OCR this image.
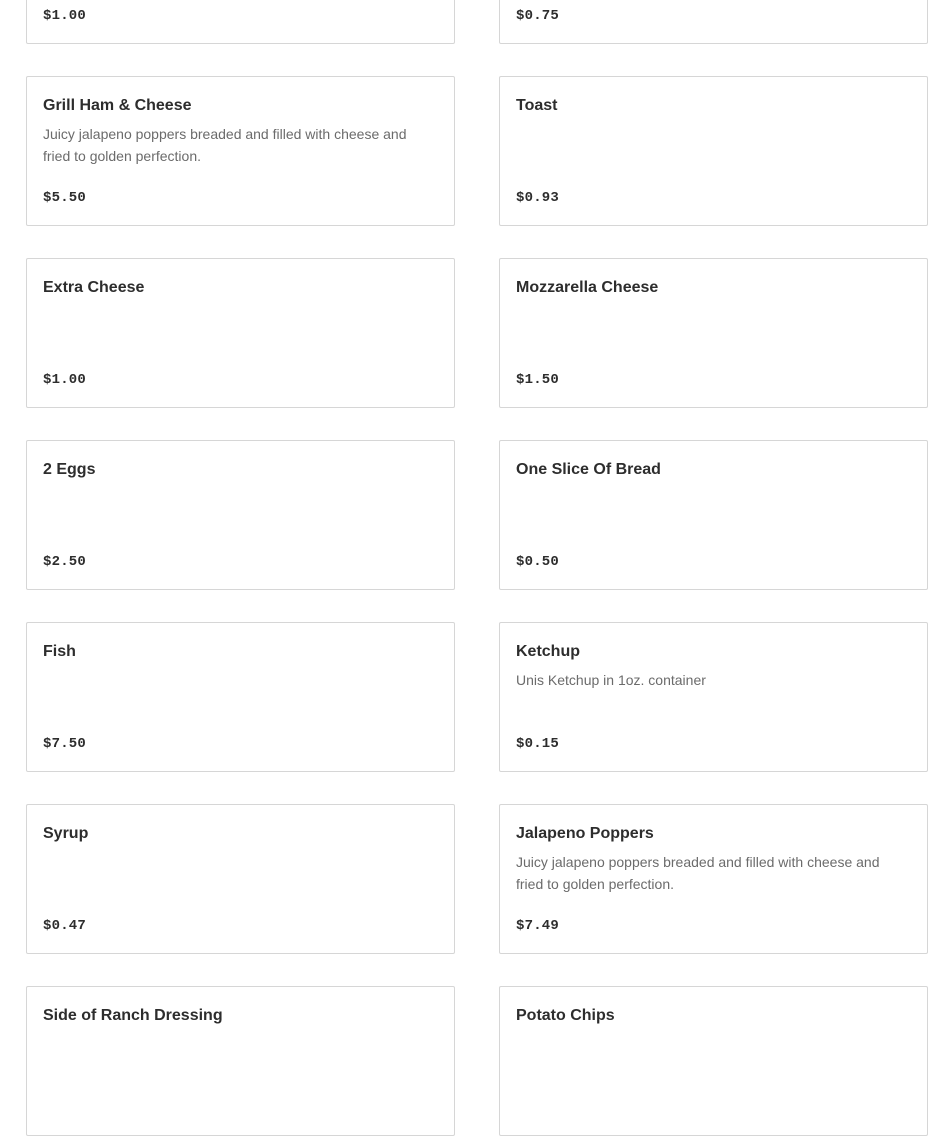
$1.00	$0.75
Grill Ham & Cheese
Juicy jalapeno poppers breaded and filled with cheese and fried to golden perfection.
$5.50
Toast
$0.93
Extra Cheese
$1.00
Mozzarella Cheese
$1.50
2 Eggs
$2.50
One Slice Of Bread
$0.50
Fish
$7.50
Ketchup
Unis Ketchup in 1oz. container
$0.15
Syrup
$0.47
Jalapeno Poppers
Juicy jalapeno poppers breaded and filled with cheese and fried to golden perfection.
$7.49
Side of Ranch Dressing	Potato Chips
